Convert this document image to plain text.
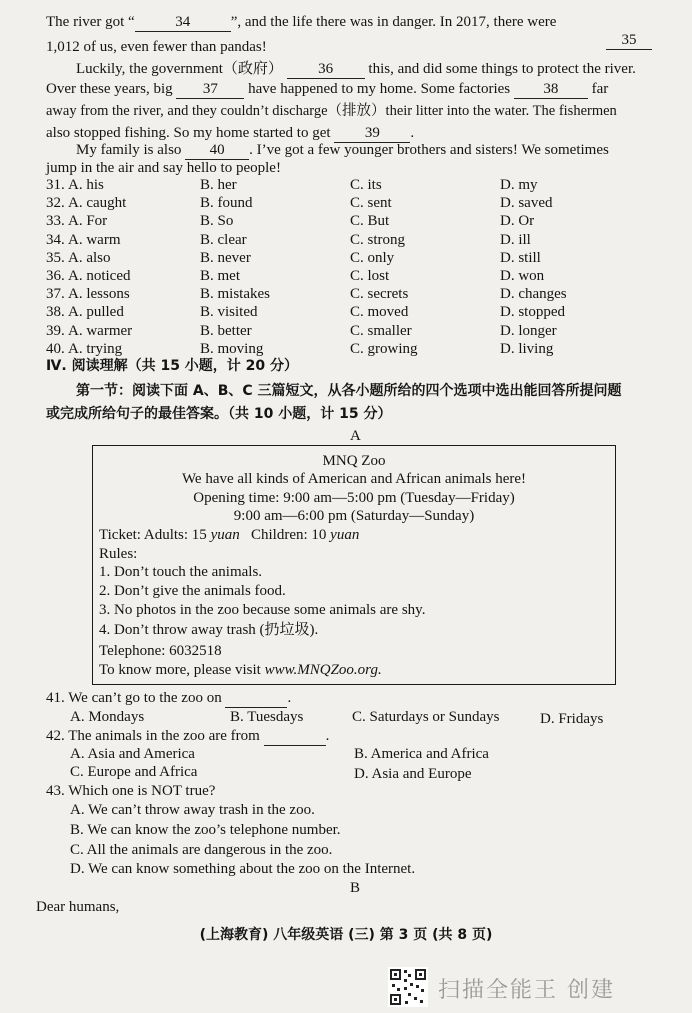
The river got “	34	”, and the life there was in danger. In 2017, there were
35
1,012 of us, even fewer than pandas!
Luckily, the government（政府） 36 this, and did some things to protect the river.
Over these years, big 37 have happened to my home. Some factories 38 far
away from the river, and they couldn’t discharge（排放）their litter into the water. The fishermen
also stopped fishing. So my home started to get 39 .
My family is also 40 . I’ve got a few younger brothers and sisters! We sometimes
jump in the air and say hello to people!
31. A. his	B. her	C. its	D. my
32. A. caught	B. found	C. sent	D. saved
33. A. For	B. So	C. But	D. Or
34. A. warm	B. clear	C. strong	D. ill
35. A. also	B. never	C. only	D. still
36. A. noticed	B. met	C. lost	D. won
37. A. lessons	B. mistakes	C. secrets	D. changes
38. A. pulled	B. visited	C. moved	D. stopped
39. A. warmer	B. better	C. smaller	D. longer
40. A. trying	B. moving	C. growing	D. living
Ⅳ. 阅读理解（共 15 小题，计 20 分）
第一节：阅读下面 A、B、C 三篇短文，从各小题所给的四个选项中选出能回答所提问题
或完成所给句子的最佳答案。（共 10 小题，计 15 分）
A
MNQ Zoo
We have all kinds of American and African animals here!
Opening time: 9:00 am—5:00 pm (Tuesday—Friday)
9:00 am—6:00 pm (Saturday—Sunday)
Ticket: Adults: 15 yuan   Children: 10 yuan
Rules:
1. Don’t touch the animals.
2. Don’t give the animals food.
3. No photos in the zoo because some animals are shy.
4. Don’t throw away trash (扔垃圾).
Telephone: 6032518
To know more, please visit www.MNQZoo.org.
41. We can’t go to the zoo on	.
A. Mondays	B. Tuesdays	C. Saturdays or Sundays	D. Fridays
42. The animals in the zoo are from	.
A. Asia and America	B. America and Africa
C. Europe and Africa	D. Asia and Europe
43. Which one is NOT true?
A. We can’t throw away trash in the zoo.
B. We can know the zoo’s telephone number.
C. All the animals are dangerous in the zoo.
D. We can know something about the zoo on the Internet.
B
Dear humans,
(上海教育) 八年级英语 (三) 第 3 页 (共 8 页)
扫描全能王 创建
